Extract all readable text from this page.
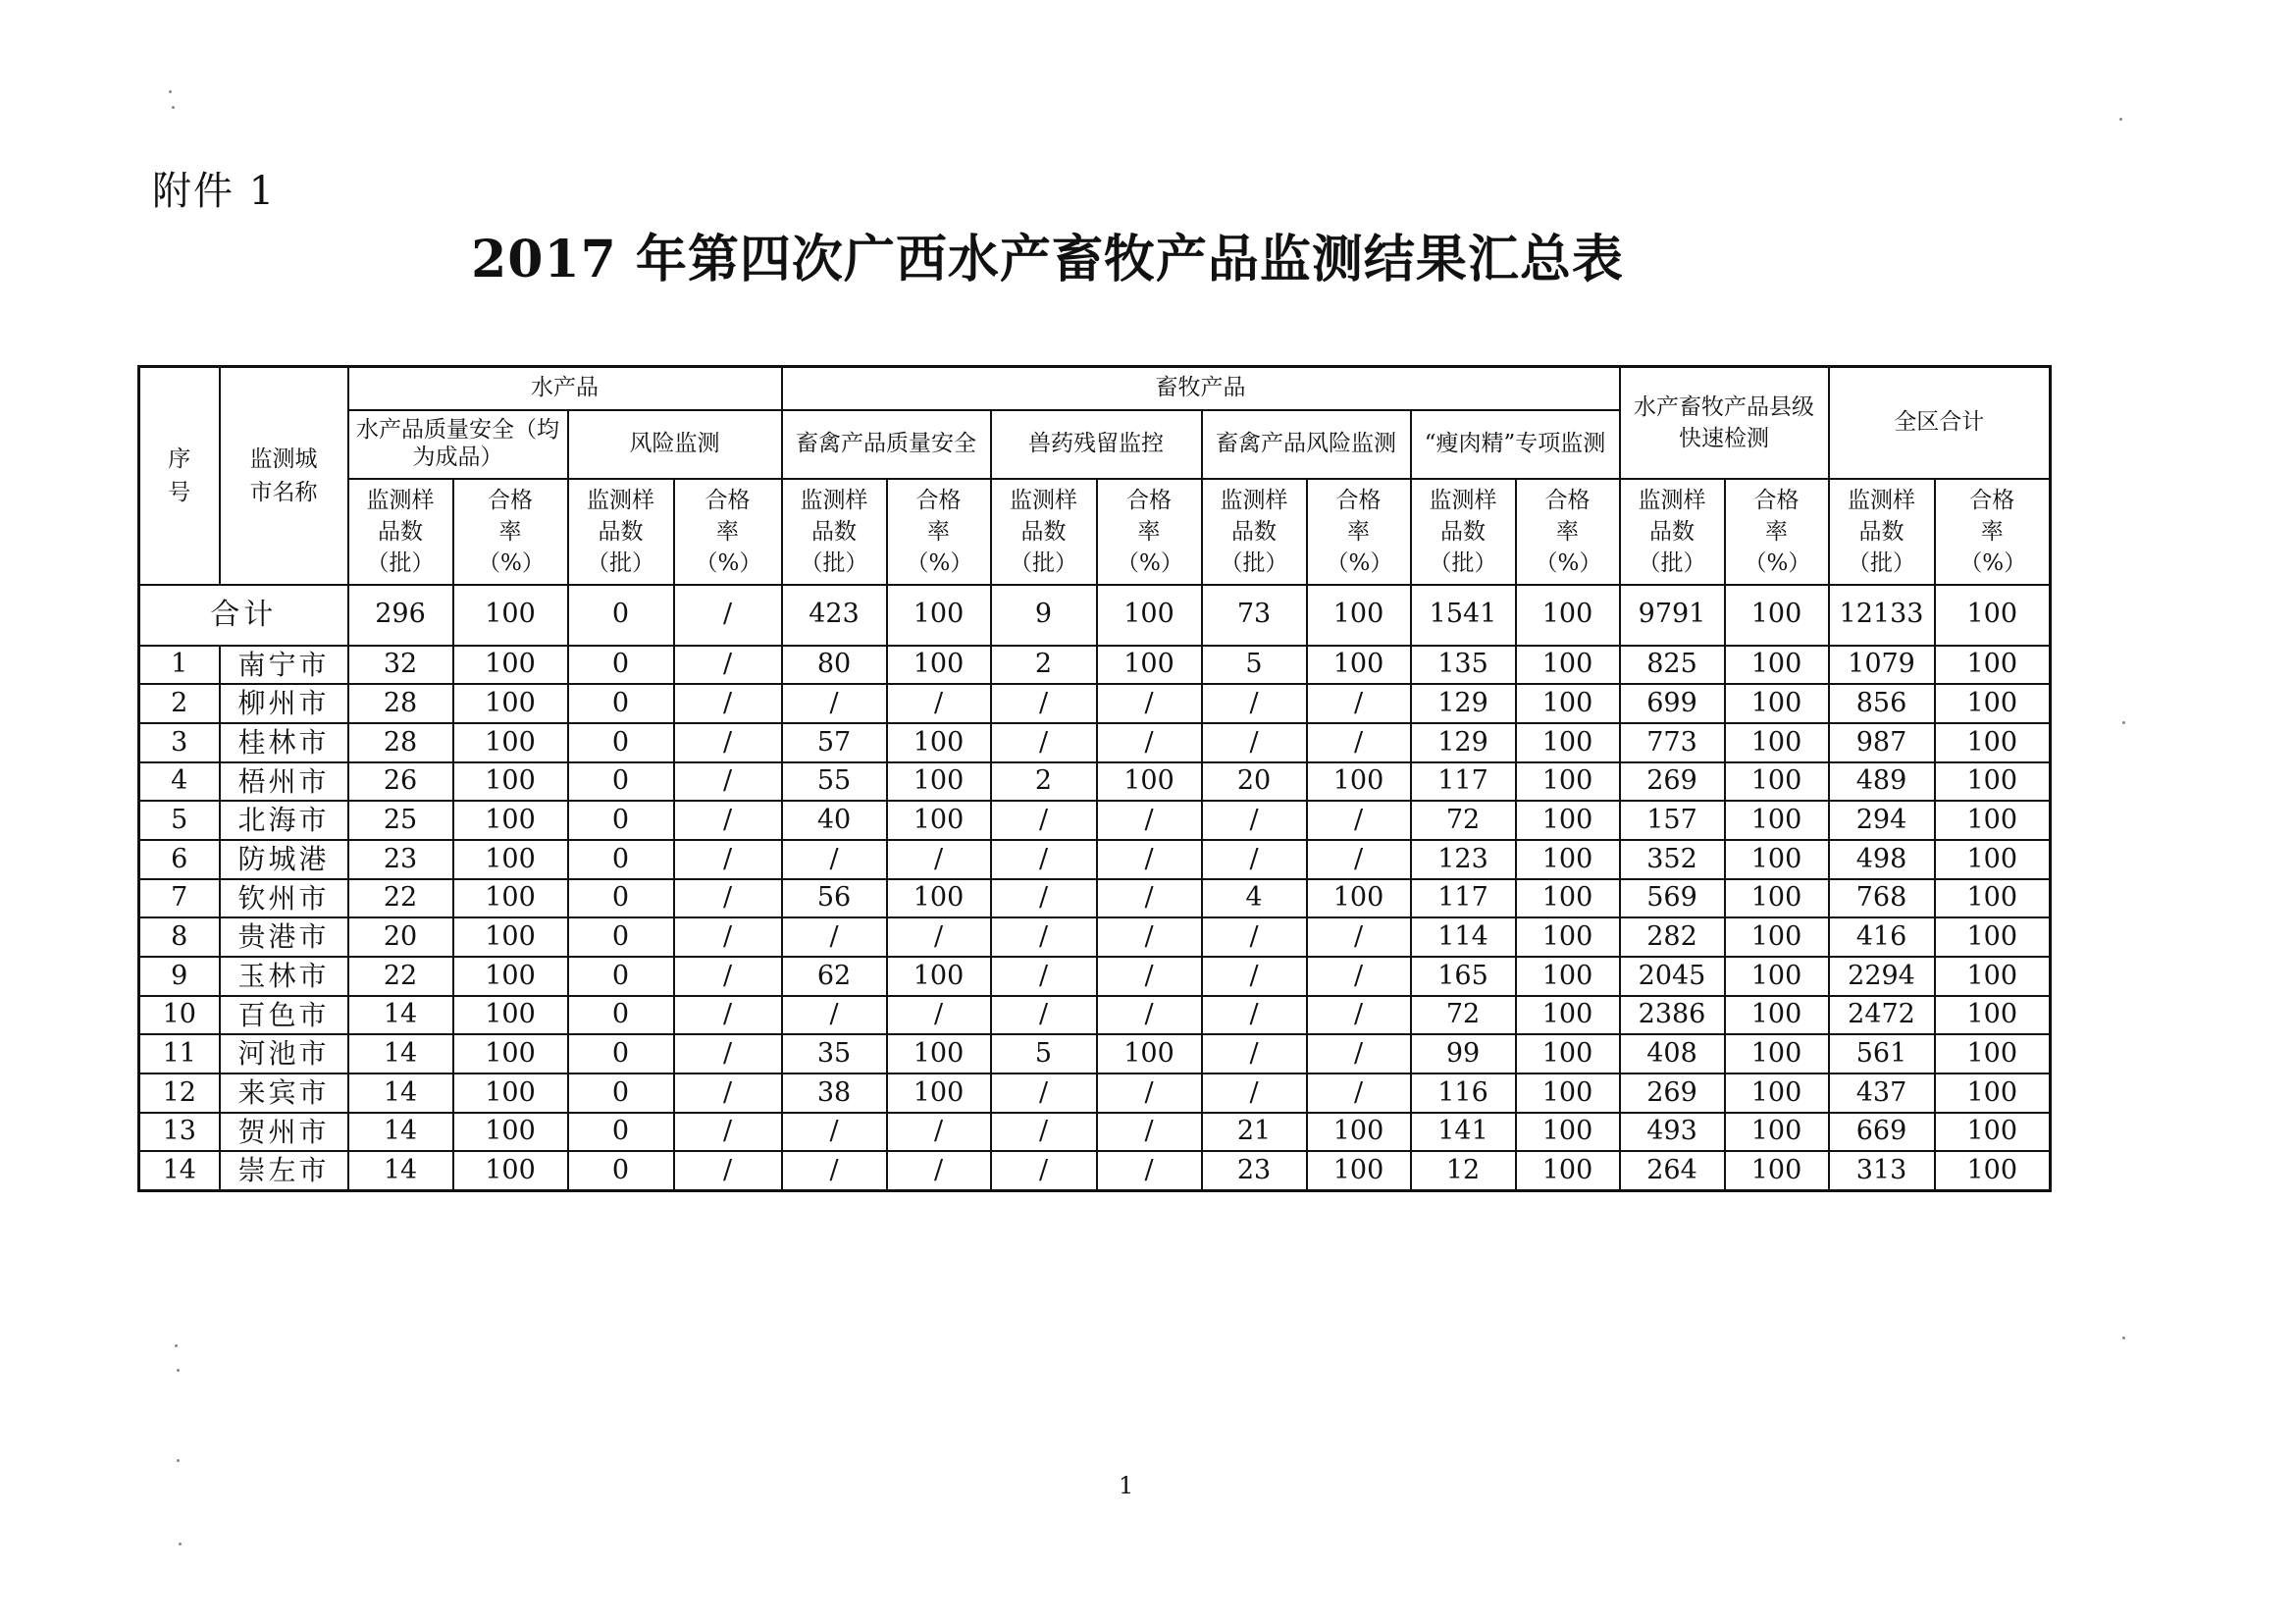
附件 1
2017 年第四次广西水产畜牧产品监测结果汇总表
序号	监测城市名称	水产品				畜牧产品								水产畜牧产品县级快速检测		全区合计	
		水产品质量安全（均为成品）		风险监测		畜禽产品质量安全		兽药残留监控		畜禽产品风险监测		“瘦肉精”专项监测					
		监测样品数（批）	合格率（%）	监测样品数（批）	合格率（%）	监测样品数（批）	合格率（%）	监测样品数（批）	合格率（%）	监测样品数（批）	合格率（%）	监测样品数（批）	合格率（%）	监测样品数（批）	合格率（%）	监测样品数（批）	合格率（%）
合计		296	100	0	/	423	100	9	100	73	100	1541	100	9791	100	12133	100
1	南宁市	32	100	0	/	80	100	2	100	5	100	135	100	825	100	1079	100
2	柳州市	28	100	0	/	/	/	/	/	/	/	129	100	699	100	856	100
3	桂林市	28	100	0	/	57	100	/	/	/	/	129	100	773	100	987	100
4	梧州市	26	100	0	/	55	100	2	100	20	100	117	100	269	100	489	100
5	北海市	25	100	0	/	40	100	/	/	/	/	72	100	157	100	294	100
6	防城港	23	100	0	/	/	/	/	/	/	/	123	100	352	100	498	100
7	钦州市	22	100	0	/	56	100	/	/	4	100	117	100	569	100	768	100
8	贵港市	20	100	0	/	/	/	/	/	/	/	114	100	282	100	416	100
9	玉林市	22	100	0	/	62	100	/	/	/	/	165	100	2045	100	2294	100
10	百色市	14	100	0	/	/	/	/	/	/	/	72	100	2386	100	2472	100
11	河池市	14	100	0	/	35	100	5	100	/	/	99	100	408	100	561	100
12	来宾市	14	100	0	/	38	100	/	/	/	/	116	100	269	100	437	100
13	贺州市	14	100	0	/	/	/	/	/	21	100	141	100	493	100	669	100
14	崇左市	14	100	0	/	/	/	/	/	23	100	12	100	264	100	313	100
1
